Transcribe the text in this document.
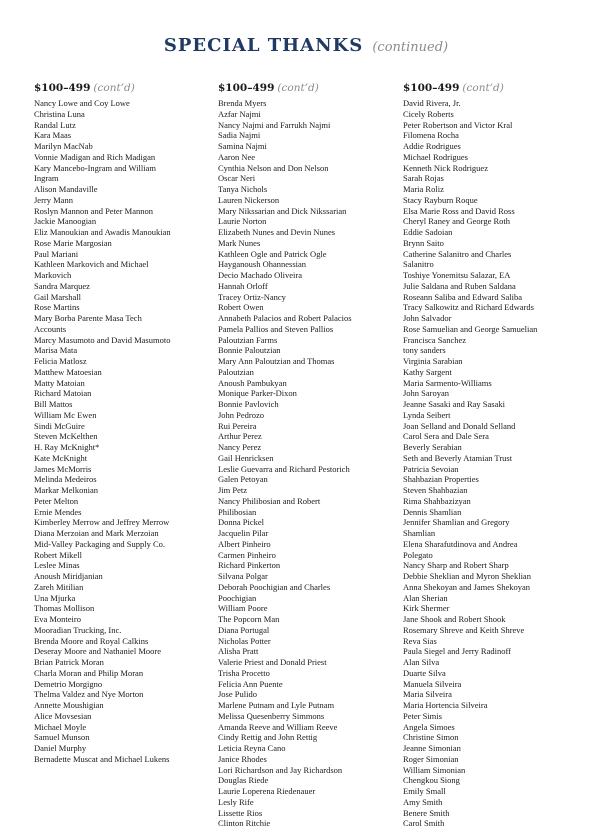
SPECIAL THANKS (continued)
$100–499 (cont’d)
Nancy Lowe and Coy Lowe
Christina Luna
Randal Lutz
Kara Maas
Marilyn MacNab
Vonnie Madigan and Rich Madigan
Kary Mancebo-Ingram and William
Ingram
Alison Mandaville
Jerry Mann
Roslyn Mannon and Peter Mannon
Jackie Manoogian
Eliz Manoukian and Awadis Manoukian
Rose Marie Margosian
Paul Mariani
Kathleen Markovich and Michael
Markovich
Sandra Marquez
Gail Marshall
Rose Martins
Mary Borba Parente Masa Tech
Accounts
Marcy Masumoto and David Masumoto
Marisa Mata
Felicia Matlosz
Matthew Matoesian
Matty Matoian
Richard Matoian
Bill Mattos
William Mc Ewen
Sindi McGuire
Steven McKelthen
H. Ray McKnight*
Kate McKnight
James McMorris
Melinda Medeiros
Markar Melkonian
Peter Melton
Ernie Mendes
Kimberley Merrow and Jeffrey Merrow
Diana Merzoian and Mark Merzoian
Mid-Valley Packaging and Supply Co.
Robert Mikell
Leslee Minas
Anoush Miridjanian
Zareh Mitilian
Una Mjurka
Thomas Mollison
Eva Monteiro
Mooradian Trucking, Inc.
Brenda Moore and Royal Calkins
Deseray Moore and Nathaniel Moore
Brian Patrick Moran
Charla Moran and Philip Moran
Demetrio Morgigno
Thelma Valdez and Nye Morton
Annette Moushigian
Alice Movsesian
Michael Moyle
Samuel Munson
Daniel Murphy
Bernadette Muscat and Michael Lukens
$100–499 (cont’d)
Brenda Myers
Azfar Najmi
Nancy Najmi and Farrukh Najmi
Sadia Najmi
Samina Najmi
Aaron Nee
Cynthia Nelson and Don Nelson
Oscar Neri
Tanya Nichols
Lauren Nickerson
Mary Nikssarian and Dick Nikssarian
Laurie Norton
Elizabeth Nunes and Devin Nunes
Mark Nunes
Kathleen Ogle and Patrick Ogle
Hayganoush Ohannessian
Decio Machado Oliveira
Hannah Orloff
Tracey Ortiz-Nancy
Robert Owen
Annabeth Palacios and Robert Palacios
Pamela Pallios and Steven Pallios
Paloutzian Farms
Bonnie Paloutzian
Mary Ann Paloutzian and Thomas
Paloutzian
Anoush Pambukyan
Monique Parker-Dixon
Bonnie Pavlovich
John Pedrozo
Rui Pereira
Arthur Perez
Nancy Perez
Gail Henricksen
Leslie Guevarra and Richard Pestorich
Galen Petoyan
Jim Petz
Nancy Philibosian and Robert
Philibosian
Donna Pickel
Jacquelin Pilar
Albert Pinheiro
Carmen Pinheiro
Richard Pinkerton
Silvana Polgar
Deborah Poochigian and Charles
Poochigian
William Poore
The Popcorn Man
Diana Portugal
Nicholas Potter
Alisha Pratt
Valerie Priest and Donald Priest
Trisha Procetto
Felicia Ann Puente
Jose Pulido
Marlene Putnam and Lyle Putnam
Melissa Quesenberry Simmons
Amanda Reeve and William Reeve
Cindy Rettig and John Rettig
Leticia Reyna Cano
Janice Rhodes
Lori Richardson and Jay Richardson
Douglas Riede
Laurie Loperena Riedenauer
Lesly Rife
Lissette Rios
Clinton Ritchie
$100–499 (cont’d)
David Rivera, Jr.
Cicely Roberts
Peter Robertson and Victor Kral
Filomena Rocha
Addie Rodrigues
Michael Rodrigues
Kenneth Nick Rodriguez
Sarah Rojas
Maria Roliz
Stacy Rayburn Roque
Elsa Marie Ross and David Ross
Cheryl Raney and George Roth
Eddie Sadoian
Brynn Saito
Catherine Salanitro and Charles
Salanitro
Toshiye Yonemitsu Salazar, EA
Julie Saldana and Ruben Saldana
Roseann Saliba and Edward Saliba
Tracy Salkowitz and Richard Edwards
John Salvador
Rose Samuelian and George Samuelian
Francisca Sanchez
tony sanders
Virginia Sarabian
Kathy Sargent
Maria Sarmento-Williams
John Saroyan
Jeanne Sasaki and Ray Sasaki
Lynda Seibert
Joan Selland and Donald Selland
Carol Sera and Dale Sera
Beverly Serabian
Seth and Beverly Atamian Trust
Patricia Sevoian
Shahbazian Properties
Steven Shahbazian
Rima Shahbazizyan
Dennis Shamlian
Jennifer Shamlian and Gregory
Shamlian
Elena Sharafutdinova and Andrea
Polegato
Nancy Sharp and Robert Sharp
Debbie Sheklian and Myron Sheklian
Anna Shekoyan and James Shekoyan
Alan Sherian
Kirk Shermer
Jane Shook and Robert Shook
Rosemary Shreve and Keith Shreve
Reva Sias
Paula Siegel and Jerry Radinoff
Alan Silva
Duarte Silva
Manuela Silveira
Maria Silveira
Maria Hortencia Silveira
Peter Simis
Angela Simoes
Christine Simon
Jeanne Simonian
Roger Simonian
William Simonian
Chengkou Siong
Emily Small
Amy Smith
Benere Smith
Carol Smith
